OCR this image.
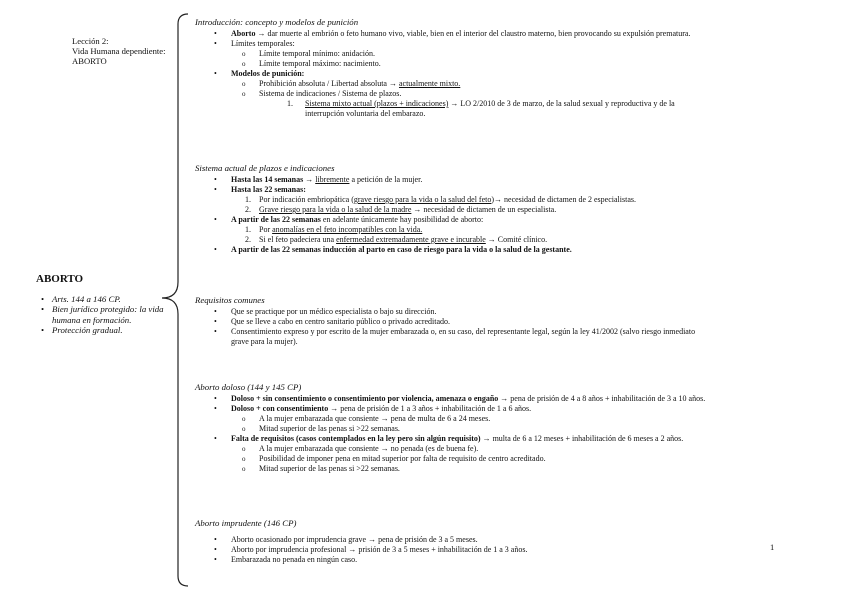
Lección 2:
Vida Humana dependiente:
ABORTO
ABORTO
• Arts. 144 a 146 CP.
• Bien jurídico protegido: la vida humana en formación.
• Protección gradual.
Introducción: concepto y modelos de punición
• Aborto → dar muerte al embrión o feto humano vivo, viable, bien en el interior del claustro materno, bien provocando su expulsión prematura.
• Límites temporales:
o Límite temporal mínimo: anidación.
o Límite temporal máximo: nacimiento.
• Modelos de punición:
o Prohibición absoluta / Libertad absoluta → actualmente mixto.
o Sistema de indicaciones / Sistema de plazos.
1. Sistema mixto actual (plazos + indicaciones) → LO 2/2010 de 3 de marzo, de la salud sexual y reproductiva y de la
interrupción voluntaria del embarazo.
Sistema actual de plazos e indicaciones
• Hasta las 14 semanas → libremente a petición de la mujer.
• Hasta las 22 semanas:
1. Por indicación embriopática (grave riesgo para la vida o la salud del feto)→ necesidad de dictamen de 2 especialistas.
2. Grave riesgo para la vida o la salud de la madre → necesidad de dictamen de un especialista.
• A partir de las 22 semanas en adelante únicamente hay posibilidad de aborto:
1. Por anomalías en el feto incompatibles con la vida.
2. Si el feto padeciera una enfermedad extremadamente grave e incurable → Comité clínico.
• A partir de las 22 semanas inducción al parto en caso de riesgo para la vida o la salud de la gestante.
Requisitos comunes
• Que se practique por un médico especialista o bajo su dirección.
• Que se lleve a cabo en centro sanitario público o privado acreditado.
• Consentimiento expreso y por escrito de la mujer embarazada o, en su caso, del representante legal, según la ley 41/2002 (salvo riesgo inmediato
grave para la mujer).
Aborto doloso (144 y 145 CP)
• Doloso + sin consentimiento o consentimiento por violencia, amenaza o engaño → pena de prisión de 4 a 8 años + inhabilitación de 3 a 10 años.
• Doloso + con consentimiento → pena de prisión de 1 a 3 años + inhabilitación de 1 a 6 años.
o A la mujer embarazada que consiente → pena de multa de 6 a 24 meses.
o Mitad superior de las penas si >22 semanas.
• Falta de requisitos (casos contemplados en la ley pero sin algún requisito) → multa de 6 a 12 meses + inhabilitación de 6 meses a 2 años.
o A la mujer embarazada que consiente → no penada (es de buena fe).
o Posibilidad de imponer pena en mitad superior por falta de requisito de centro acreditado.
o Mitad superior de las penas si >22 semanas.
Aborto imprudente (146 CP)
• Aborto ocasionado por imprudencia grave → pena de prisión de 3 a 5 meses.
• Aborto por imprudencia profesional → prisión de 3 a 5 meses + inhabilitación de 1 a 3 años.
• Embarazada no penada en ningún caso.
1
